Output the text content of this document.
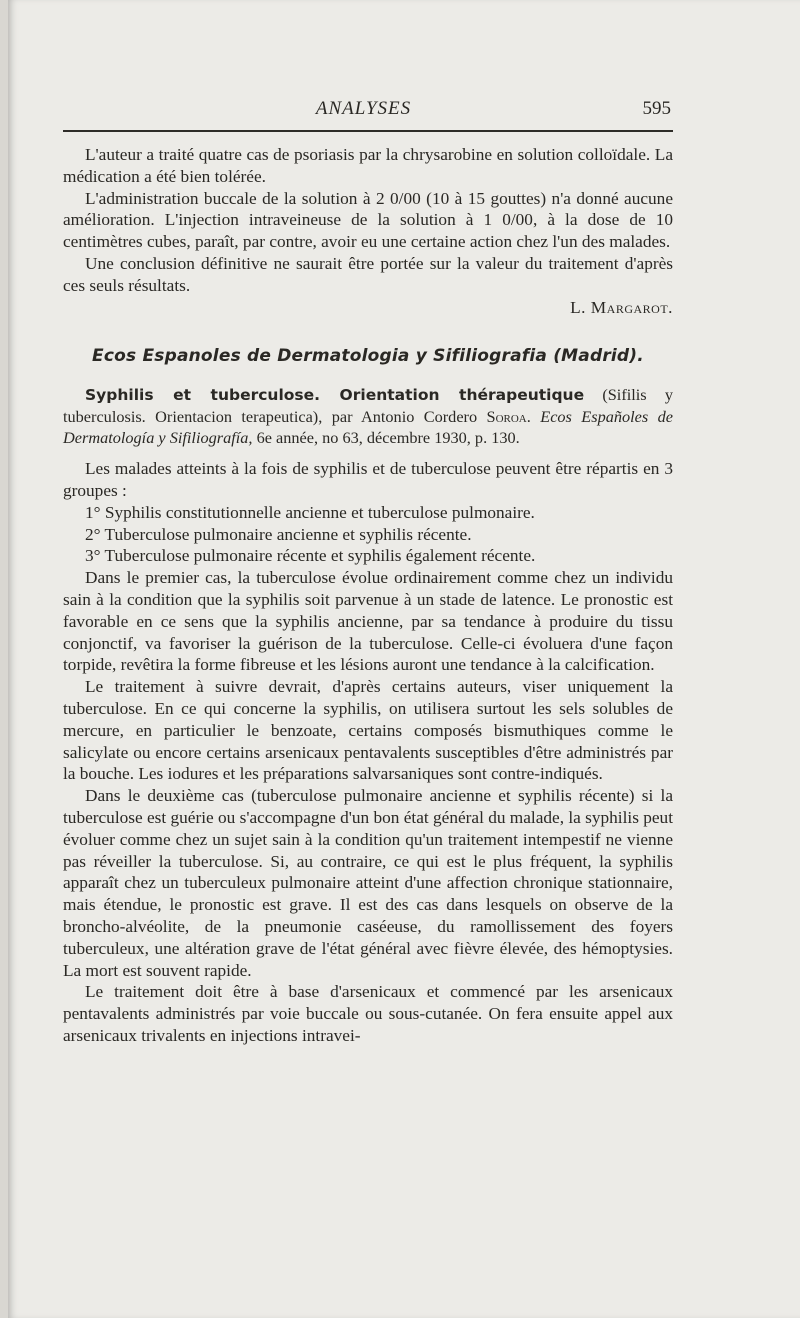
ANALYSES	595

L'auteur a traité quatre cas de psoriasis par la chrysarobine en solution colloïdale. La médication a été bien tolérée.

L'administration buccale de la solution à 2 0/00 (10 à 15 gouttes) n'a donné aucune amélioration. L'injection intraveineuse de la solution à 1 0/00, à la dose de 10 centimètres cubes, paraît, par contre, avoir eu une certaine action chez l'un des malades.

Une conclusion définitive ne saurait être portée sur la valeur du traitement d'après ces seuls résultats.

L. Margarot.

Ecos Espanoles de Dermatologia y Sifiliografia (Madrid).

Syphilis et tuberculose. Orientation thérapeutique (Sifilis y tuberculosis. Orientacion terapeutica), par Antonio Cordero Soroa. Ecos Españoles de Dermatología y Sifiliografía, 6e année, no 63, décembre 1930, p. 130.

Les malades atteints à la fois de syphilis et de tuberculose peuvent être répartis en 3 groupes :

1° Syphilis constitutionnelle ancienne et tuberculose pulmonaire.

2° Tuberculose pulmonaire ancienne et syphilis récente.

3° Tuberculose pulmonaire récente et syphilis également récente.

Dans le premier cas, la tuberculose évolue ordinairement comme chez un individu sain à la condition que la syphilis soit parvenue à un stade de latence. Le pronostic est favorable en ce sens que la syphilis ancienne, par sa tendance à produire du tissu conjonctif, va favoriser la guérison de la tuberculose. Celle-ci évoluera d'une façon torpide, revêtira la forme fibreuse et les lésions auront une tendance à la calcification.

Le traitement à suivre devrait, d'après certains auteurs, viser uniquement la tuberculose. En ce qui concerne la syphilis, on utilisera surtout les sels solubles de mercure, en particulier le benzoate, certains composés bismuthiques comme le salicylate ou encore certains arsenicaux pentavalents susceptibles d'être administrés par la bouche. Les iodures et les préparations salvarsaniques sont contre-indiqués.

Dans le deuxième cas (tuberculose pulmonaire ancienne et syphilis récente) si la tuberculose est guérie ou s'accompagne d'un bon état général du malade, la syphilis peut évoluer comme chez un sujet sain à la condition qu'un traitement intempestif ne vienne pas réveiller la tuberculose. Si, au contraire, ce qui est le plus fréquent, la syphilis apparaît chez un tuberculeux pulmonaire atteint d'une affection chronique stationnaire, mais étendue, le pronostic est grave. Il est des cas dans lesquels on observe de la broncho-alvéolite, de la pneumonie caséeuse, du ramollissement des foyers tuberculeux, une altération grave de l'état général avec fièvre élevée, des hémoptysies. La mort est souvent rapide.

Le traitement doit être à base d'arsenicaux et commencé par les arsenicaux pentavalents administrés par voie buccale ou sous-cutanée. On fera ensuite appel aux arsenicaux trivalents en injections intravei-
